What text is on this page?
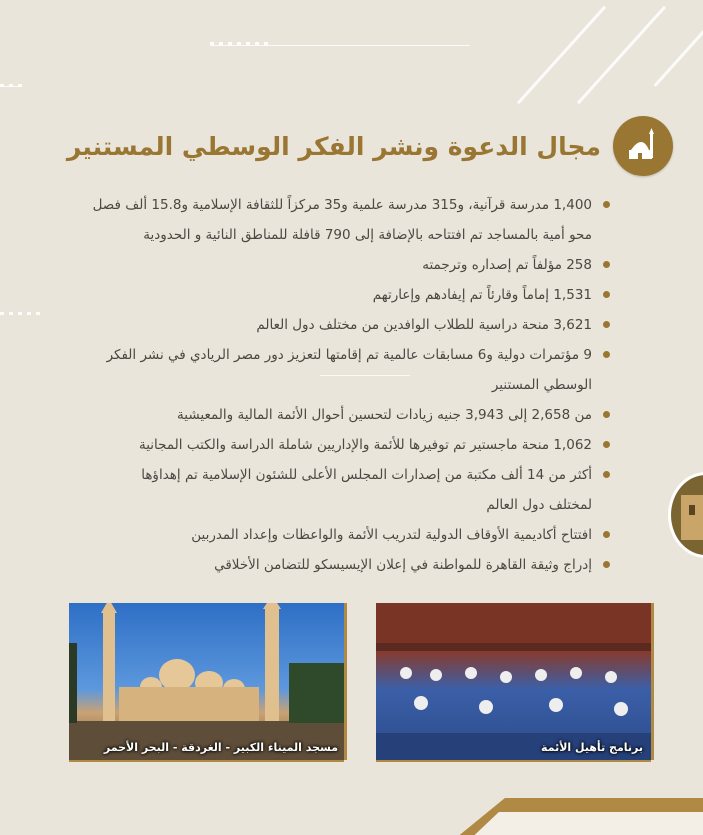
مجال الدعوة ونشر الفكر الوسطي المستنير
1,400 مدرسة قرآنية، و315 مدرسة علمية و35 مركزاً للثقافة الإسلامية و15.8 ألف فصل
محو أمية بالمساجد تم افتتاحه بالإضافة إلى 790 قافلة للمناطق النائية و الحدودية
258 مؤلفاً تم إصداره وترجمته
1,531 إماماً وقارئاً تم إيفادهم وإعارتهم
3,621 منحة دراسية للطلاب الوافدين من مختلف دول العالم
9 مؤتمرات دولية و6 مسابقات عالمية تم إقامتها لتعزيز دور مصر الريادي في نشر الفكر
الوسطي المستنير
من 2,658 إلى 3,943 جنيه زيادات لتحسين أحوال الأئمة المالية والمعيشية
1,062 منحة ماجستير تم توفيرها للأئمة والإداريين شاملة الدراسة والكتب المجانية
أكثر من 14 ألف مكتبة من إصدارات المجلس الأعلى للشئون الإسلامية تم إهداؤها
لمختلف دول العالم
افتتاح أكاديمية الأوقاف الدولية لتدريب الأئمة والواعظات وإعداد المدربين
إدراج وثيقة القاهرة للمواطنة في إعلان الإيسيسكو للتضامن الأخلاقي
مسجد الميناء الكبير - الغردقة - البحر الأحمر	برنامج تأهيل الأئمة
